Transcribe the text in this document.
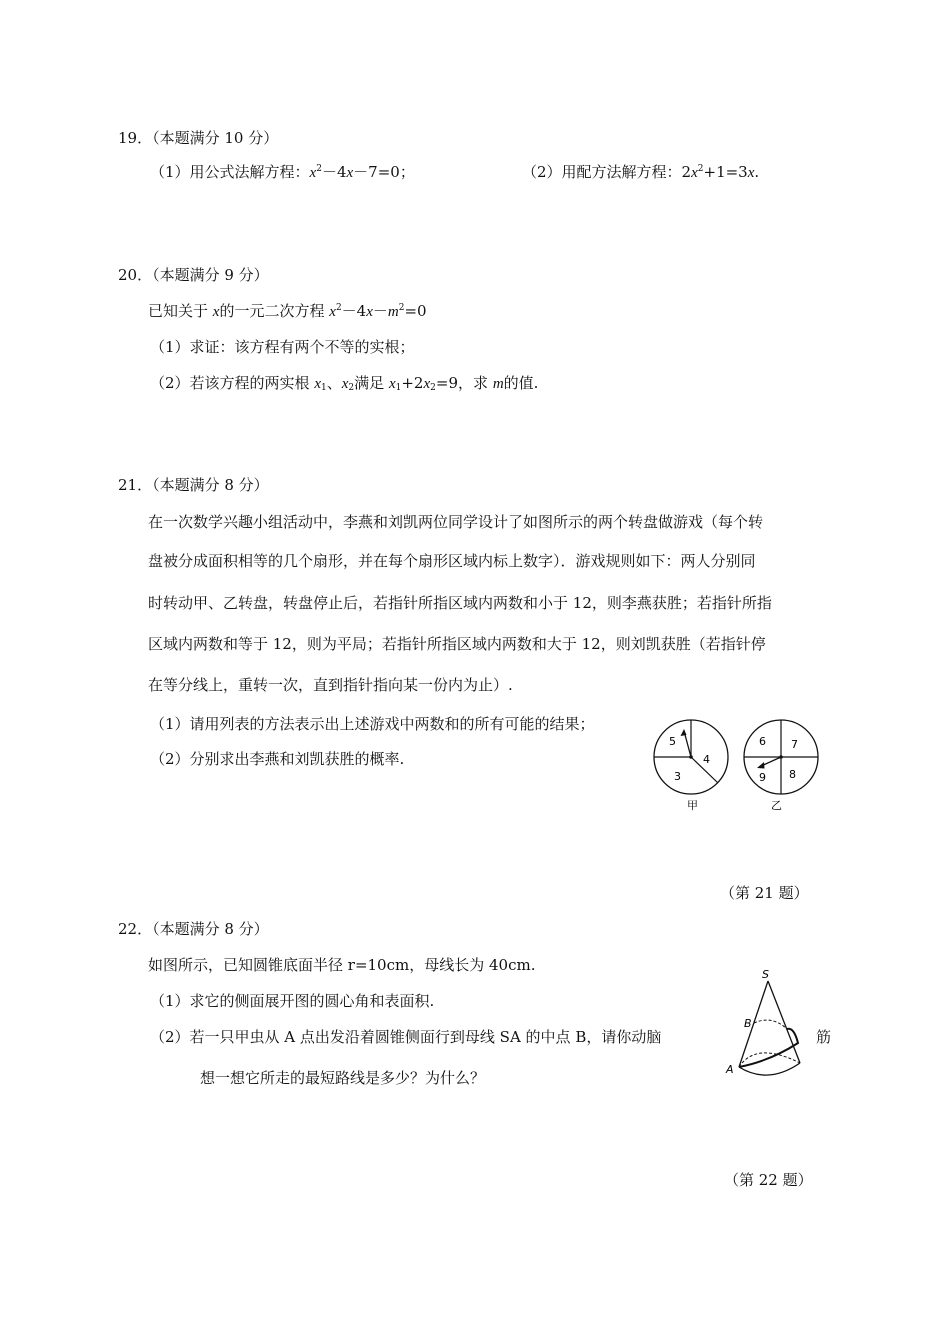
19．（本题满分 10 分）
（1）用公式法解方程：$x^2-4x-7=0$；	（2）用配方法解方程：$2x^2+1=3x$.
20．（本题满分 9 分）
已知关于 x的一元二次方程 $x^2-4x-m^2=0$
（1）求证：该方程有两个不等的实根；
（2）若该方程的两实根 $x_1$、$x_2$满足 $x_1+2x_2=9$，求 m的值.
21．（本题满分 8 分）
在一次数学兴趣小组活动中，李燕和刘凯两位同学设计了如图所示的两个转盘做游戏（每个转
盘被分成面积相等的几个扇形，并在每个扇形区域内标上数字）．游戏规则如下：两人分别同
时转动甲、乙转盘，转盘停止后，若指针所指区域内两数和小于 12，则李燕获胜；若指针所指
区域内两数和等于 12，则为平局；若指针所指区域内两数和大于 12，则刘凯获胜（若指针停
在等分线上，重转一次，直到指针指向某一份内为止）.
（1）请用列表的方法表示出上述游戏中两数和的所有可能的结果；
（2）分别求出李燕和刘凯获胜的概率.
5
4
3
甲
6 7
9 8
乙
（第 21 题）
22．（本题满分 8 分）
如图所示，已知圆锥底面半径 r=10cm，母线长为 40cm.
（1）求它的侧面展开图的圆心角和表面积.
（2）若一只甲虫从 A 点出发沿着圆锥侧面行到母线 SA 的中点 B，请你动脑	筋
想一想它所走的最短路线是多少？为什么？
S
B
A
（第 22 题）
